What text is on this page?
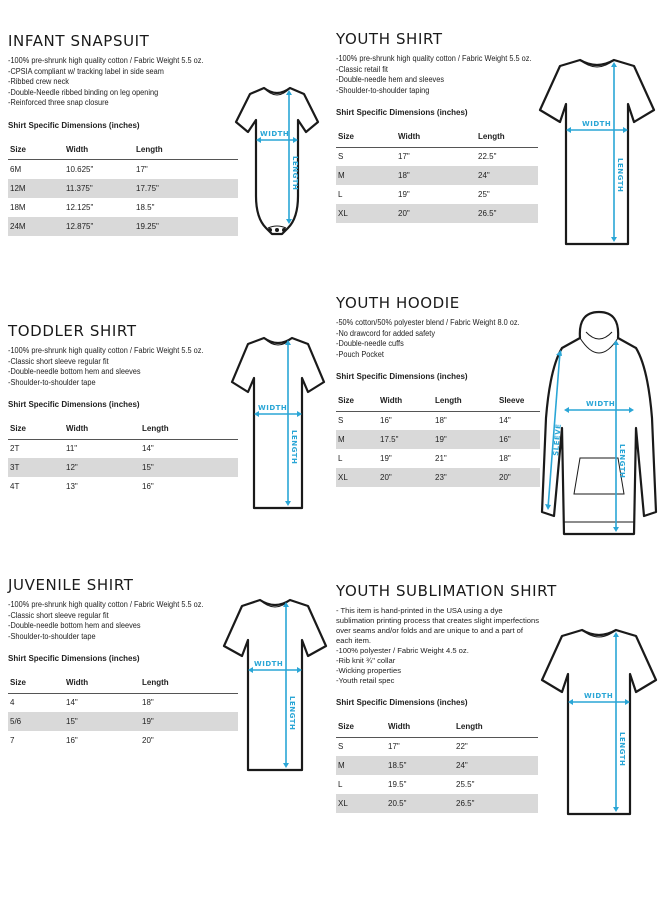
INFANT SNAPSUIT
-100% pre-shrunk high quality cotton / Fabric Weight 5.5 oz.
-CPSIA compliant w/ tracking label in side seam
-Ribbed crew neck
-Double-Needle ribbed binding on leg opening
-Reinforced three snap closure
Shirt Specific Dimensions (inches)
Size	Width	Length
6M	10.625"	17"
12M	11.375"	17.75"
18M	12.125"	18.5"
24M	12.875"	19.25"
WIDTH
LENGTH
TODDLER SHIRT
-100% pre-shrunk high quality cotton / Fabric Weight 5.5 oz.
-Classic short sleeve regular fit
-Double-needle bottom hem and sleeves
-Shoulder-to-shoulder tape
Shirt Specific Dimensions (inches)
Size	Width	Length
2T	11"	14"
3T	12"	15"
4T	13"	16"
WIDTH
LENGTH
JUVENILE SHIRT
-100% pre-shrunk high quality cotton / Fabric Weight 5.5 oz.
-Classic short sleeve regular fit
-Double-needle bottom hem and sleeves
-Shoulder-to-shoulder tape
Shirt Specific Dimensions (inches)
Size	Width	Length
4	14"	18"
5/6	15"	19"
7	16"	20"
WIDTH
LENGTH
YOUTH SHIRT
-100% pre-shrunk high quality cotton / Fabric Weight 5.5 oz.
-Classic retail fit
-Double-needle hem and sleeves
-Shoulder-to-shoulder taping
Shirt Specific Dimensions (inches)
Size	Width	Length
S	17"	22.5"
M	18"	24"
L	19"	25"
XL	20"	26.5"
WIDTH
LENGTH
YOUTH HOODIE
-50% cotton/50% polyester blend / Fabric Weight 8.0 oz.
-No drawcord for added safety
-Double-needle cuffs
-Pouch Pocket
Shirt Specific Dimensions (inches)
Size	Width	Length	Sleeve
S	16"	18"	14"
M	17.5"	19"	16"
L	19"	21"	18"
XL	20"	23"	20"
WIDTH
LENGTH
SLEEVE
YOUTH SUBLIMATION SHIRT
- This item is hand-printed in the USA using a dye sublimation printing process that creates slight imperfections over seams and/or folds and are unique to and a part of each item.
-100% polyester / Fabric Weight 4.5 oz.
-Rib knit ¾" collar
-Wicking properties
-Youth retail spec
Shirt Specific Dimensions (inches)
Size	Width	Length
S	17"	22"
M	18.5"	24"
L	19.5"	25.5"
XL	20.5"	26.5"
WIDTH
LENGTH
